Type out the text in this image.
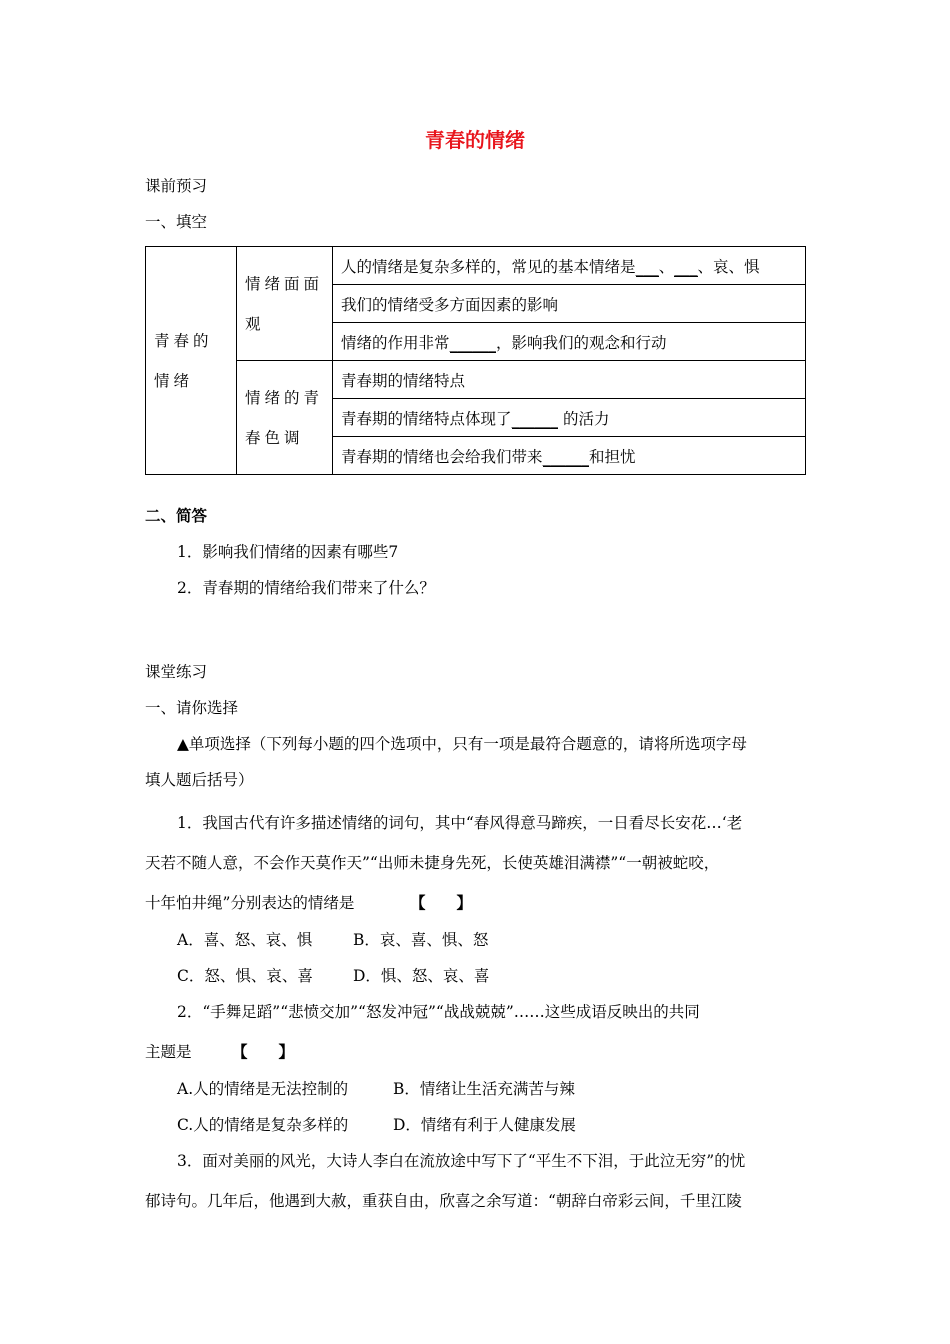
青春的情绪
课前预习
一、填空
青春的情绪	情绪面面观	人的情绪是复杂多样的，常见的基本情绪是___、___、哀、惧
		我们的情绪受多方面因素的影响
		情绪的作用非常______，影响我们的观念和行动
	情绪的青春色调	青春期的情绪特点
		青春期的情绪特点体现了______ 的活力
		青春期的情绪也会给我们带来______和担忧
二、简答
1．影响我们情绪的因素有哪些7
2．青春期的情绪给我们带来了什么？
课堂练习
一、请你选择
▲单项选择（下列每小题的四个选项中，只有一项是最符合题意的，请将所选项字母
填人题后括号）
1．我国古代有许多描述情绪的词句，其中“春风得意马蹄疾，一日看尽长安花…‘老
天若不随人意，不会作天莫作天”“出师未捷身先死，长使英雄泪满襟”“一朝被蛇咬，
十年怕井绳”分别表达的情绪是	【　　】
A．喜、怒、哀、惧	B．哀、喜、惧、怒
C．怒、惧、哀、喜	D．惧、怒、哀、喜
2．“手舞足蹈”“悲愤交加”“怒发冲冠”“战战兢兢”……这些成语反映出的共同
主题是	【　　】
A.人的情绪是无法控制的	B．情绪让生活充满苦与辣
C.人的情绪是复杂多样的	D．情绪有利于人健康发展
3．面对美丽的风光，大诗人李白在流放途中写下了“平生不下泪，于此泣无穷”的忧
郁诗句。几年后，他遇到大赦，重获自由，欣喜之余写道：“朝辞白帝彩云间，千里江陵
